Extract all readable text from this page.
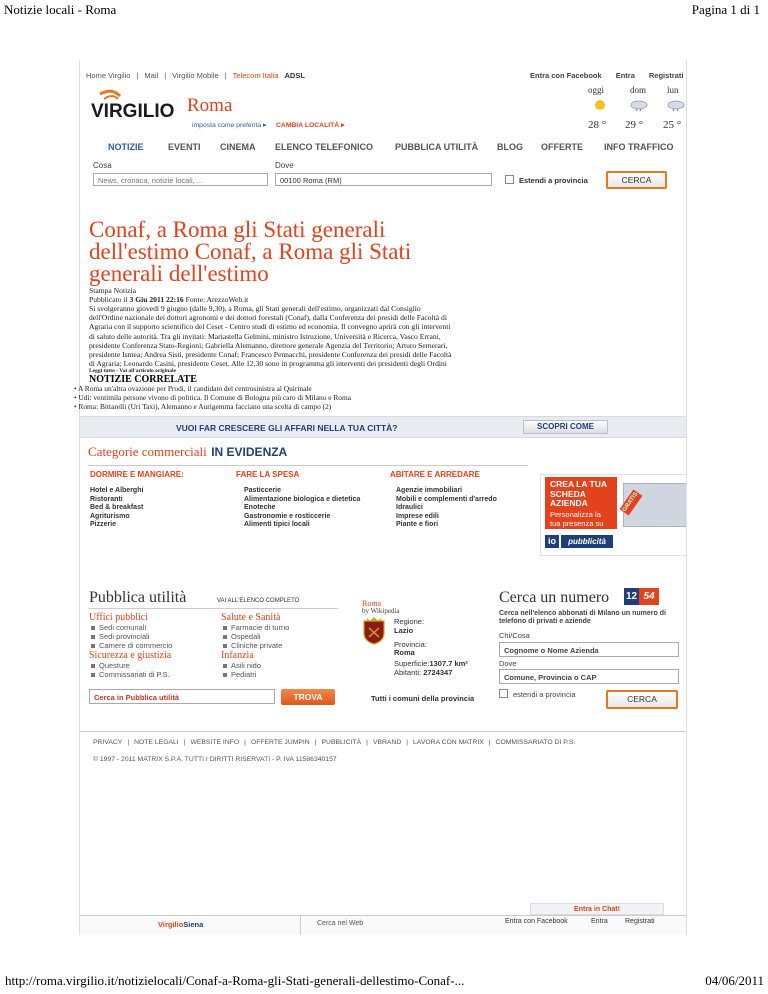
Notizie locali - Roma	Pagina 1 di 1
Home Virgilio | Mail | Virgilio Mobile | Telecom Italia ADSL	Entra con Facebook Entra Registrati
VIRGILIO Roma
imposta come preferita ▸ CAMBIA LOCALITÀ ▸
oggi	dom lun
28 ° 29 ° 25 °
NOTIZIE	EVENTI CINEMA ELENCO TELEFONICO PUBBLICA UTILITÀ BLOG OFFERTE INFO TRAFFICO
Cosa
News, cronaca, notizie locali, ...
Dove
00100 Roma (RM)	Estendi a provincia	CERCA
Conaf, a Roma gli Stati generali dell'estimo Conaf, a Roma gli Stati generali dell'estimo
Stampa Notizia
Pubblicato il 3 Giu 2011 22:16 Fonte: ArezzoWeb.it
Si svolgeranno giovedì 9 giugno (dalle 9,30), a Roma, gli Stati generali dell'estimo, organizzati dal Consiglio dell'Ordine nazionale dei dottori agronomi e dei dottori forestali (Conaf), dalla Conferenza dei presidi delle Facoltà di Agraria con il supporto scientifico del Ceset - Centro studi di estimo ed economia. Il convegno aprirà con gli interventi di saluto delle autorità. Tra gli invitati: Mariastella Gelmini, ministro Istruzione, Università e Ricerca, Vasco Errani, presidente Conferenza Stato-Regioni; Gabriella Alemanno, direttore generale Agenzia del Territorio; Arturo Semerari, presidente Ismea; Andrea Sisti, presidente Conaf; Francesco Pennacchi, presidente Conferenza dei presidi delle Facoltà di Agraria; Leonardo Casini, presidente Ceset. Alle 12,30 sono in programma gli interventi dei presidenti degli Ordini
Leggi tutto - Vai all'articolo originale
NOTIZIE CORRELATE
• A Roma un'altra ovazione per Prodi, il candidato del centrosinistra al Quirinale
• Udi: ventimila persone vivono di politica. Il Comune di Bologna più caro di Milano e Roma
• Roma: Bittarelli (Uri Taxi), Alemanno e Aurigemma facciano una scelta di campo (2)
VUOI FAR CRESCERE GLI AFFARI NELLA TUA CITTÀ?	SCOPRI COME
Categorie commerciali IN EVIDENZA
DORMIRE E MANGIARE:
Hotel e Alberghi
Ristoranti
Bed & breakfast
Agriturismo
Pizzerie
FARE LA SPESA
Pasticcerie
Alimentazione biologica e dietetica
Enoteche
Gastronomie e rosticcerie
Alimenti tipici locali
ABITARE E ARREDARE
Agenzie immobiliari
Mobili e complementi d'arredo
Idraulici
Imprese edili
Piante e fiori
CREA LA TUA
SCHEDA
AZIENDA
Personalizza la
tua presenza su
GRATIS
io	pubblicità
Pubblica utilità	VAI ALL'ELENCO COMPLETO
Uffici pubblici
Sedi comunali
Sedi provinciali
Camere di commercio
Sicurezza e giustizia
Questure
Commissariati di P.S.
Salute e Sanità
Farmacie di turno
Ospedali
Cliniche private
Infanzia
Asili nido
Pediatri
Cerca in Pubblica utilità	TROVA
Roma
by Wikipedia
Regione:
Lazio
Provincia:
Roma
Superficie:1307.7 km²
Abitanti: 2724347
Tutti i comuni della provincia
Cerca un numero 12 54
Cerca nell'elenco abbonati di Milano un numero di telefono di privati e aziende
Chi/Cosa
Cognome o Nome Azienda
Dove
Comune, Provincia o CAP
estendi a provincia	CERCA
PRIVACY | NOTE LEGALI | WEBSITE INFO | OFFERTE JUMPIN | PUBBLICITÀ | VBRAND | LAVORA CON MATRIX | COMMISSARIATO DI P.S.
© 1997 - 2011 MATRIX S.P.A. TUTTI I DIRITTI RISERVATI - P. IVA 11586340157
Entra in Chat!
VirgilioSiena	Cerca nel Web	Entra con Facebook	Entra Registrati
http://roma.virgilio.it/notizielocali/Conaf-a-Roma-gli-Stati-generali-dellestimo-Conaf-...	04/06/2011
